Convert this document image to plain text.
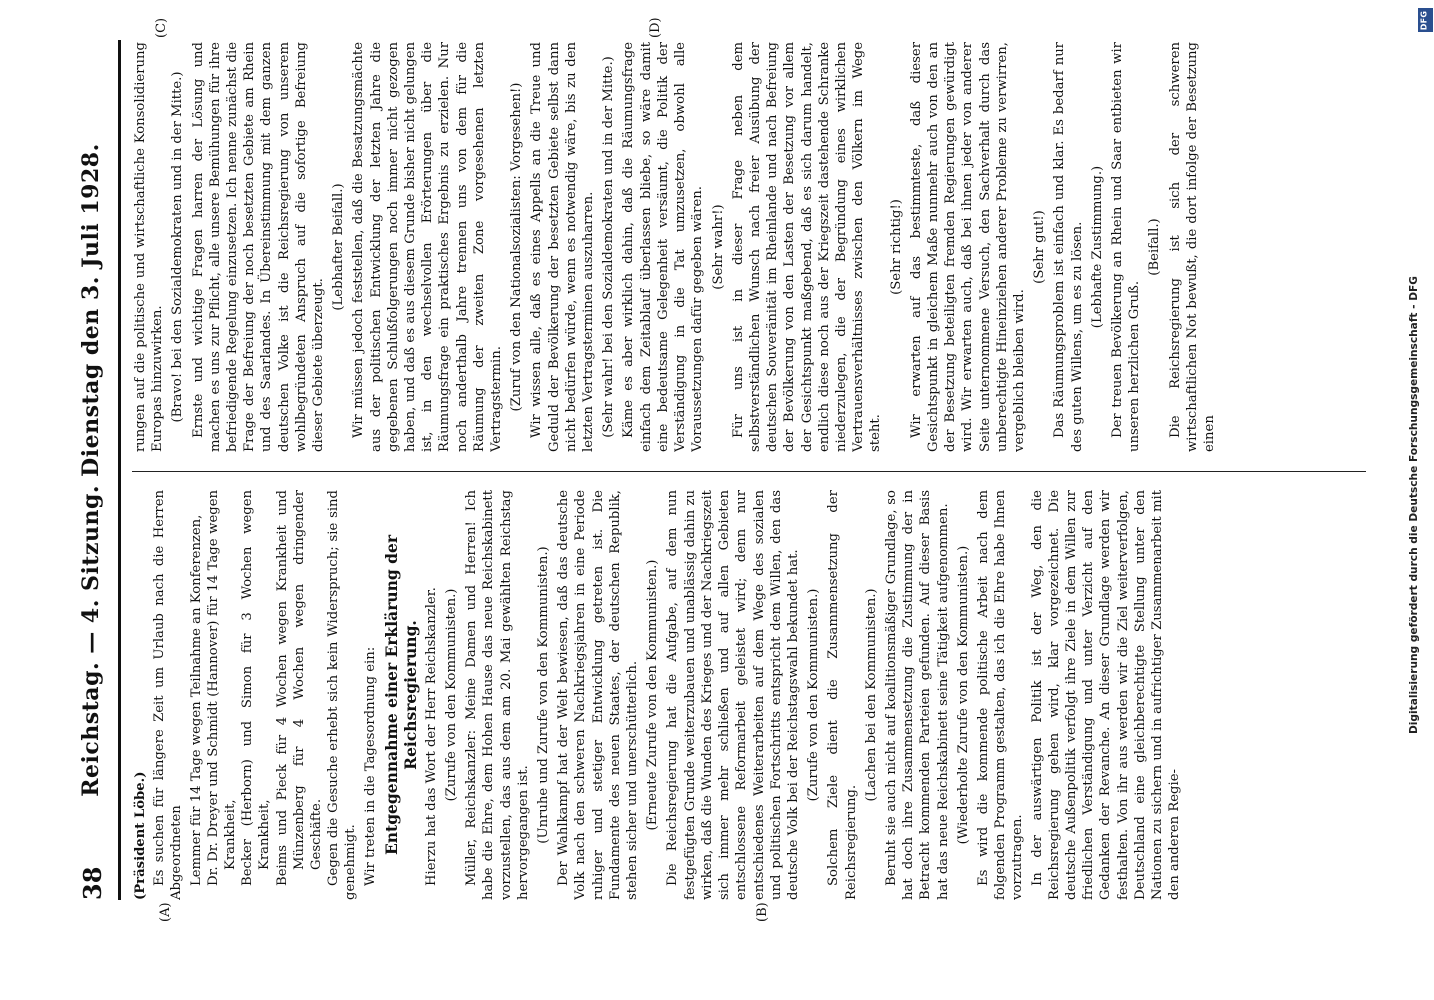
38
Reichstag. — 4. Sitzung. Dienstag den 3. Juli 1928.
(A)	(B)
(C)	(D)

(Präsident Löbe.) Es suchen für längere Zeit um Urlaub nach die Herren Abgeordneten Lemmer für 14 Tage wegen Teilnahme an Konferenzen, Dr. Dr. Dreyer und Schmidt (Hannover) für 14 Tage wegen Krankheit, Becker (Herborn) und Simon für 3 Wochen wegen Krankheit, Beims und Pieck für 4 Wochen wegen Krankheit und Münzenberg für 4 Wochen wegen dringender Geschäfte. Gegen die Gesuche erhebt sich kein Widerspruch; sie sind genehmigt. Wir treten in die Tagesordnung ein: Entgegennahme einer Erklärung der Reichsregierung. Hierzu hat das Wort der Herr Reichskanzler. (Zurufe von den Kommunisten.) Müller, Reichskanzler: Meine Damen und Herren! Ich habe die Ehre, dem Hohen Hause das neue Reichskabinett vorzustellen, das aus dem am 20. Mai gewählten Reichstag hervorgegangen ist. (Unruhe und Zurufe von den Kommunisten.) Der Wahlkampf hat der Welt bewiesen, daß das deutsche Volk nach den schweren Nachkriegsjahren in eine Periode ruhiger und stetiger Entwicklung getreten ist. Die Fundamente des neuen Staates, der deutschen Republik, stehen sicher und unerschütterlich. (Erneute Zurufe von den Kommunisten.) Die Reichsregierung hat die Aufgabe, auf dem nun festgefügten Grunde weiterzubauen und unablässig dahin zu wirken, daß die Wunden des Krieges und der Nachkriegszeit sich immer mehr schließen und auf allen Gebieten entschlossene Reformarbeit geleistet wird; denn nur entschiedenes Weiterarbeiten auf dem Wege des sozialen und politischen Fortschritts entspricht dem Willen, den das deutsche Volk bei der Reichstagswahl bekundet hat. (Zurufe von den Kommunisten.) Solchem Ziele dient die Zusammensetzung der Reichsregierung.

(Lachen bei den Kommunisten.) Beruht sie auch nicht auf koalitionsmäßiger Grundlage, so hat doch ihre Zusammensetzung die Zustimmung der in Betracht kommenden Parteien gefunden. Auf dieser Basis hat das neue Reichskabinett seine Tätigkeit aufgenommen. (Wiederholte Zurufe von den Kommunisten.) Es wird die kommende politische Arbeit nach dem folgenden Programm gestalten, das ich die Ehre habe Ihnen vorzutragen. In der auswärtigen Politik ist der Weg, den die Reichsregierung gehen wird, klar vorgezeichnet. Die deutsche Außenpolitik verfolgt ihre Ziele in dem Willen zur friedlichen Verständigung und unter Verzicht auf den Gedanken der Revanche. An dieser Grundlage werden wir festhalten. Von ihr aus werden wir die Ziel weiterverfolgen, Deutschland eine gleichberechtigte Stellung unter den Nationen zu sichern und in aufrichtiger Zusammenarbeit mit den anderen Regie-

rungen auf die politische und wirtschaftliche Konsolidierung Europas hinzuwirken. (Bravo! bei den Sozialdemokraten und in der Mitte.) Ernste und wichtige Fragen harren der Lösung und machen es uns zur Pflicht, alle unsere Bemühungen für ihre befriedigende Regelung einzusetzen. Ich nenne zunächst die Frage der Befreiung der noch besetzten Gebiete am Rhein und des Saarlandes. In Übereinstimmung mit dem ganzen deutschen Volke ist die Reichsregierung von unserem wohlbegründeten Anspruch auf die sofortige Befreiung dieser Gebiete überzeugt.

(Lebhafter Beifall.) Wir müssen jedoch feststellen, daß die Besatzungsmächte aus der politischen Entwicklung der letzten Jahre die gegebenen Schlußfolgerungen noch immer nicht gezogen haben, und daß es aus diesem Grunde bisher nicht gelungen ist, in den wechselvollen Erörterungen über die Räumungsfrage ein praktisches Ergebnis zu erzielen. Nur noch anderthalb Jahre trennen uns von dem für die Räumung der zweiten Zone vorgesehenen letzten Vertragstermin. (Zuruf von den Nationalsozialisten: Vorgesehen!) Wir wissen alle, daß es eines Appells an die Treue und Geduld der Bevölkerung der besetzten Gebiete selbst dann nicht bedürfen würde, wenn es notwendig wäre, bis zu den letzten Vertragsterminen auszuharren. (Sehr wahr! bei den Sozialdemokraten und in der Mitte.) Käme es aber wirklich dahin, daß die Räumungsfrage einfach dem Zeitablauf überlassen bliebe, so wäre damit eine bedeutsame Gelegenheit versäumt, die Politik der Verständigung in die Tat umzusetzen, obwohl alle Voraussetzungen dafür gegeben wären. (Sehr wahr!) Für uns ist in dieser Frage neben dem selbstverständlichen Wunsch nach freier Ausübung der deutschen Souveränität im Rheinlande und nach Befreiung der Bevölkerung von den Lasten der Besetzung vor allem der Gesichtspunkt maßgebend, daß es sich darum handelt, endlich diese noch aus der Kriegszeit dastehende Schranke niederzulegen, die der Begründung eines wirklichen Vertrauensverhältnisses zwischen den Völkern im Wege steht.

(Sehr richtig!) Wir erwarten auf das bestimmteste, daß dieser Gesichtspunkt in gleichem Maße nunmehr auch von den an der Besetzung beteiligten fremden Regierungen gewürdigt wird. Wir erwarten auch, daß bei ihnen jeder von anderer Seite unternommene Versuch, den Sachverhalt durch das unberechtigte Hineinziehen anderer Probleme zu verwirren, vergeblich bleiben wird.

(Sehr gut!) Das Räumungsproblem ist einfach und klar. Es bedarf nur des guten Willens, um es zu lösen. (Lebhafte Zustimmung.) Der treuen Bevölkerung an Rhein und Saar entbieten wir unseren herzlichen Gruß.

(Beifall.) Die Reichsregierung ist sich der schweren wirtschaftlichen Not bewußt, die dort infolge der Besetzung einen

DFG
Digitalisierung gefördert durch die Deutsche Forschungsgemeinschaft - DFG
